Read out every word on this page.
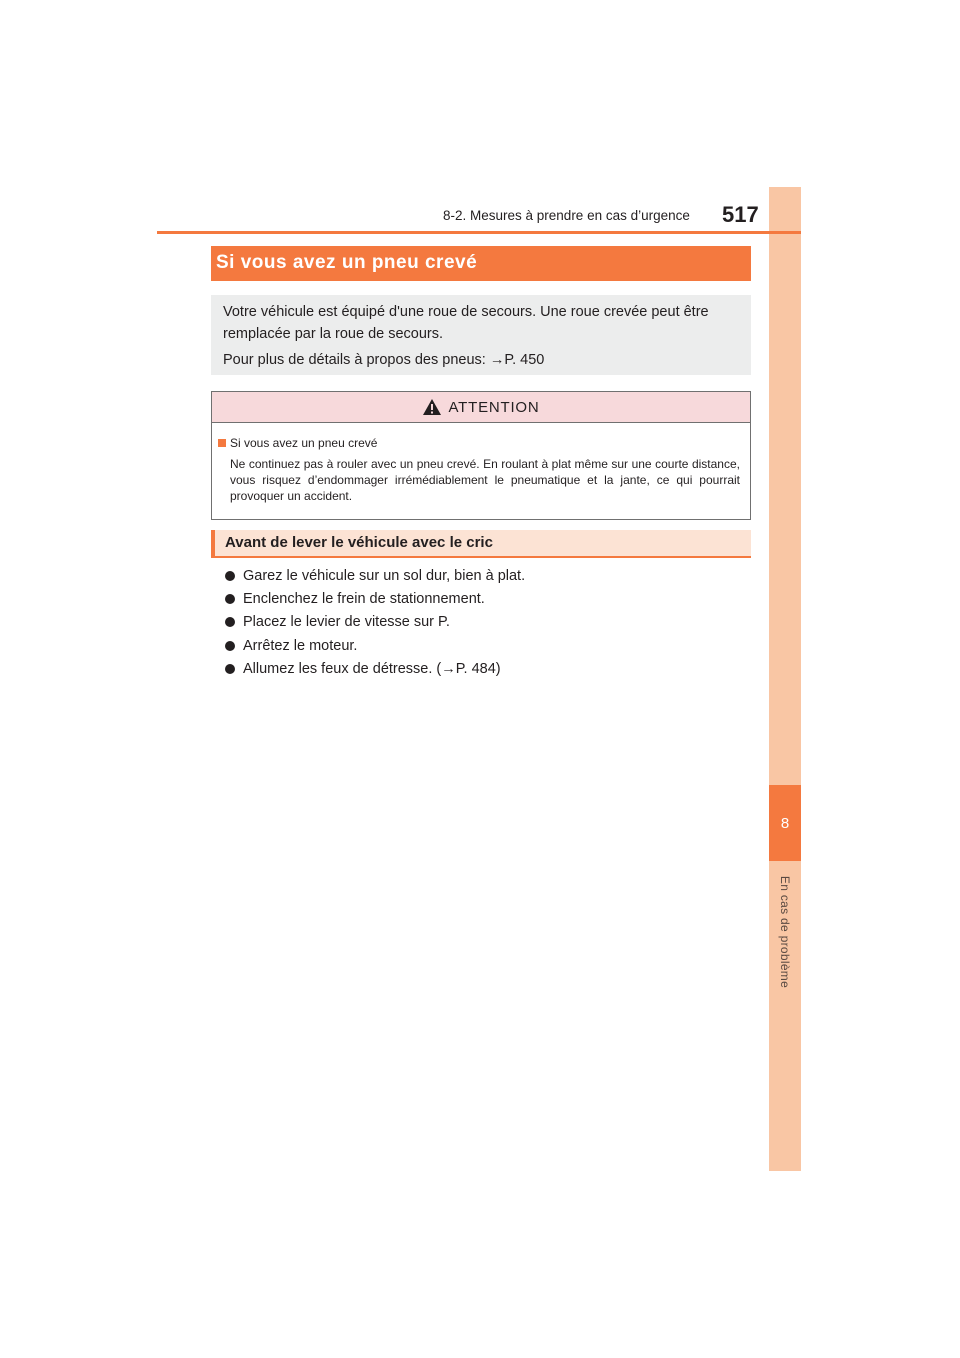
8
En cas de problème
8-2. Mesures à prendre en cas d’urgence 517
Si vous avez un pneu crevé

Votre véhicule est équipé d'une roue de secours. Une roue crevée peut être remplacée par la roue de secours.

Pour plus de détails à propos des pneus: →P. 450

ATTENTION
Si vous avez un pneu crevé

Ne continuez pas à rouler avec un pneu crevé. En roulant à plat même sur une courte distance, vous risquez d’endommager irrémédiablement le pneumatique et la jante, ce qui pourrait provoquer un accident.

Avant de lever le véhicule avec le cric
Garez le véhicule sur un sol dur, bien à plat.
Enclenchez le frein de stationnement.
Placez le levier de vitesse sur P.
Arrêtez le moteur.
Allumez les feux de détresse. (→P. 484)
